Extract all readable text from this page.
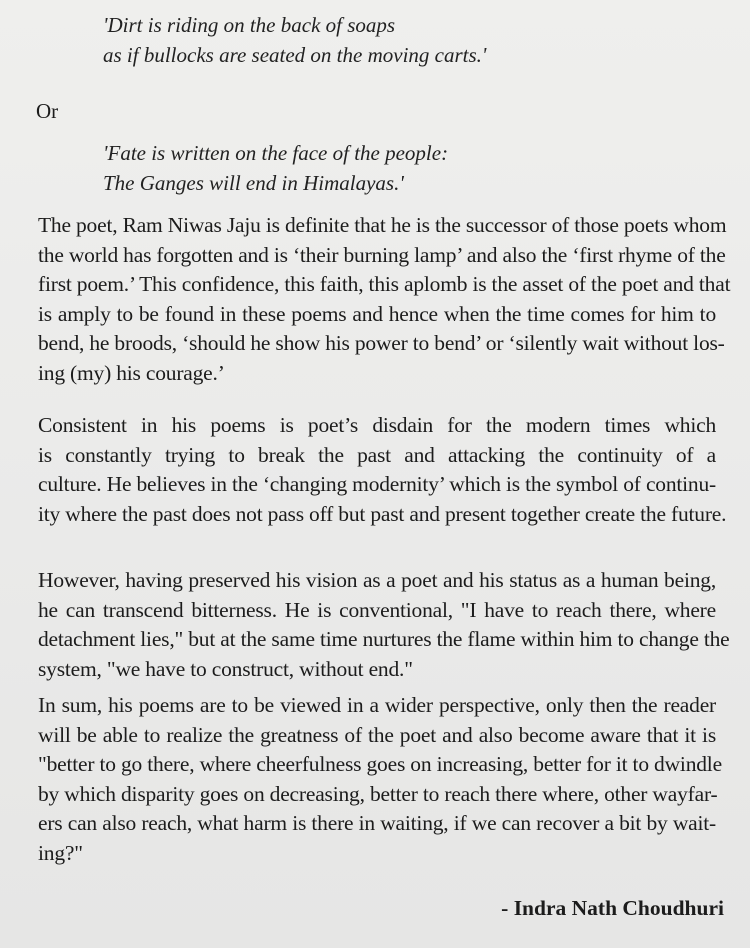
'Dirt is riding on the back of soaps
as if bullocks are seated on the moving carts.'
Or
'Fate is written on the face of the people:
The Ganges will end in Himalayas.'
The poet, Ram Niwas Jaju is definite that he is the successor of those poets whom
the world has forgotten and is ‘their burning lamp’ and also the ‘first rhyme of the
first poem.’ This confidence, this faith, this aplomb is the asset of the poet and that
is amply to be found in these poems and hence when the time comes for him to
bend, he broods, ‘should he show his power to bend’ or ‘silently wait without los-
ing (my) his courage.’
Consistent in his poems is poet’s disdain for the modern times which
is constantly trying to break the past and attacking the continuity of a
culture. He believes in the ‘changing modernity’ which is the symbol of continu-
ity where the past does not pass off but past and present together create the future.
However, having preserved his vision as a poet and his status as a human being,
he can transcend bitterness. He is conventional, "I have to reach there, where
detachment lies," but at the same time nurtures the flame within him to change the
system, "we have to construct, without end."
In sum, his poems are to be viewed in a wider perspective, only then the reader
will be able to realize the greatness of the poet and also become aware that it is
"better to go there, where cheerfulness goes on increasing, better for it to dwindle
by which disparity goes on decreasing, better to reach there where, other wayfar-
ers can also reach, what harm is there in waiting, if we can recover a bit by wait-
ing?"
- Indra Nath Choudhuri
